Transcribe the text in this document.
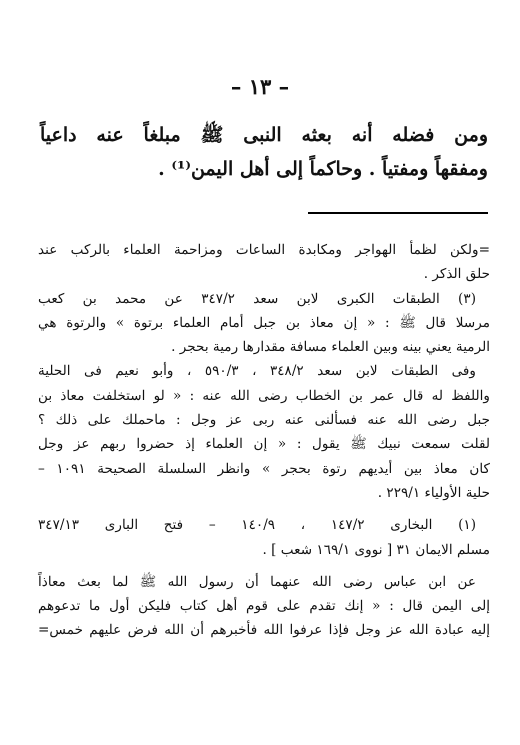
– ١٣ –
ومن فضله أنه بعثه النبى ﷺ مبلغاً عنه داعياً
ومفقهاً ومفتياً . وحاكماً إلى أهل اليمن⁽¹⁾ .
=ولكن لظمأ الهواجر ومكابدة الساعات ومزاحمة العلماء بالركب عند
حلق الذكر .
(٣) الطبقات الكبرى لابن سعد ٣٤٧/٢ عن محمد بن كعب
مرسلا قال ﷺ : « إن معاذ بن جبل أمام العلماء برتوة » والرتوة هي
الرمية يعني بينه وبين العلماء مسافة مقدارها رمية بحجر .
وفى الطبقات لابن سعد ٣٤٨/٢ ، ٥٩٠/٣ ، وأبو نعيم فى الحلية
واللفظ له قال عمر بن الخطاب رضى الله عنه : « لو استخلفت معاذ بن
جبل رضى الله عنه فسألنى عنه ربى عز وجل : ماحملك على ذلك ؟
لقلت سمعت نبيك ﷺ يقول : « إن العلماء إذ حضروا ربهم عز وجل
كان معاذ بين أيديهم رتوة بحجر » وانظر السلسلة الصحيحة ١٠٩١ –
حلية الأولياء ٢٢٩/١ .
(١) البخارى ١٤٧/٢ ، ١٤٠/٩ – فتح البارى ٣٤٧/١٣
مسلم الايمان ٣١ [ نووى ١٦٩/١ شعب ] .
عن ابن عباس رضى الله عنهما أن رسول الله ﷺ لما بعث معاذاً
إلى اليمن قال : « إنك تقدم على قوم أهل كتاب فليكن أول ما تدعوهم
إليه عبادة الله عز وجل فإذا عرفوا الله فأخبرهم أن الله فرض عليهم خمس=
